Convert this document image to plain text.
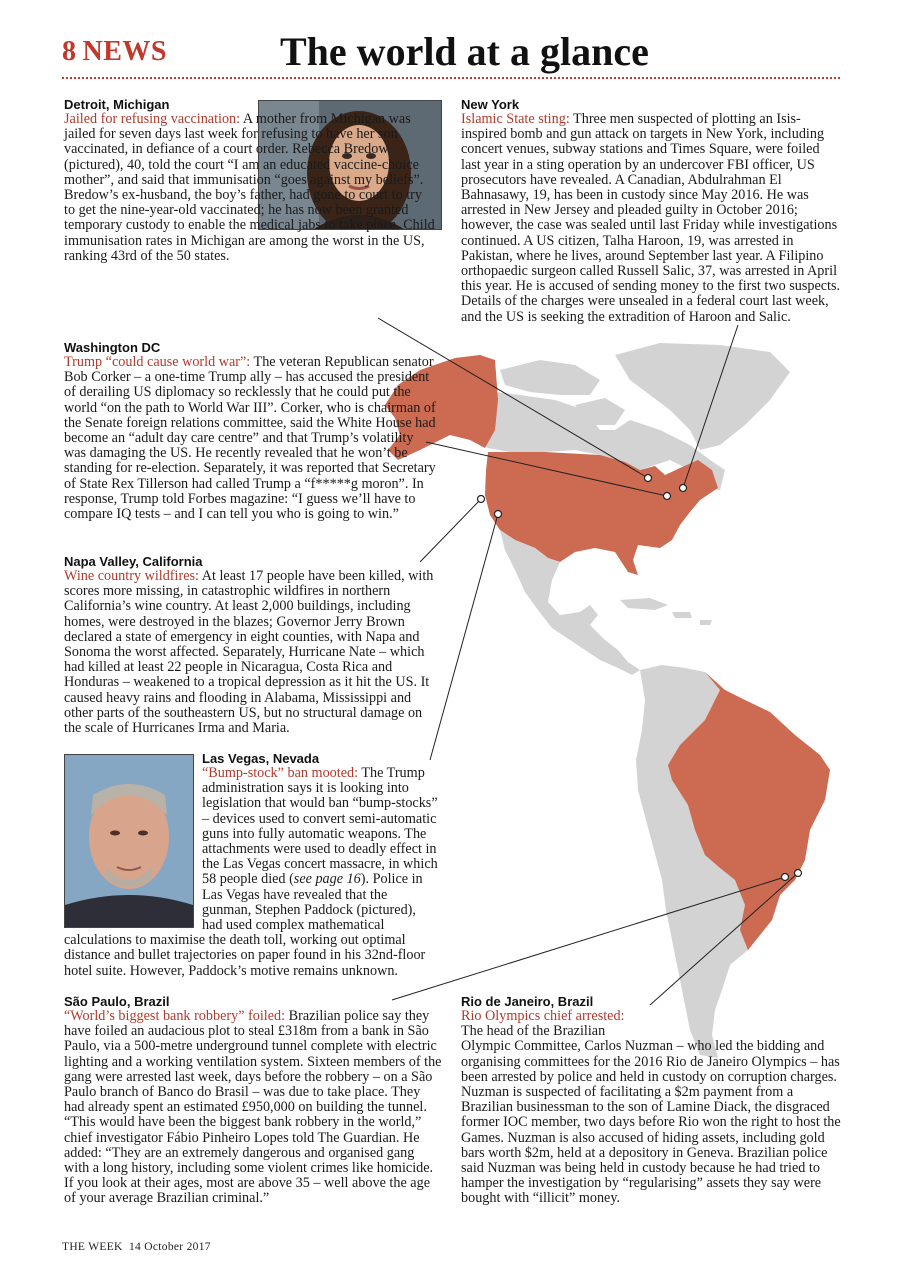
8 NEWS	The world at a glance

Detroit, Michigan
Jailed for refusing vaccination: A mother from Michigan was jailed for seven days last week for refusing to have her son vaccinated, in defiance of a court order. Rebecca Bredow (pictured), 40, told the court “I am an educated vaccine-choice mother”, and said that immunisation “goes against my beliefs”. Bredow’s ex-husband, the boy’s father, had gone to court to try to get the nine-year-old vaccinated; he has now been granted temporary custody to enable the medical jabs to take place. Child immunisation rates in Michigan are among the worst in the US, ranking 43rd of the 50 states.

New York
Islamic State sting: Three men suspected of plotting an Isis-inspired bomb and gun attack on targets in New York, including concert venues, subway stations and Times Square, were foiled last year in a sting operation by an undercover FBI officer, US prosecutors have revealed. A Canadian, Abdulrahman El Bahnasawy, 19, has been in custody since May 2016. He was arrested in New Jersey and pleaded guilty in October 2016; however, the case was sealed until last Friday while investigations continued. A US citizen, Talha Haroon, 19, was arrested in Pakistan, where he lives, around September last year. A Filipino orthopaedic surgeon called Russell Salic, 37, was arrested in April this year. He is accused of sending money to the first two suspects. Details of the charges were unsealed in a federal court last week, and the US is seeking the extradition of Haroon and Salic.

Washington DC
Trump “could cause world war”: The veteran Republican senator Bob Corker – a one-time Trump ally – has accused the president of derailing US diplomacy so recklessly that he could put the world “on the path to World War III”. Corker, who is chairman of the Senate foreign relations committee, said the White House had become an “adult day care centre” and that Trump’s volatility was damaging the US. He recently revealed that he won’t be standing for re-election. Separately, it was reported that Secretary of State Rex Tillerson had called Trump a “f*****g moron”. In response, Trump told Forbes magazine: “I guess we’ll have to compare IQ tests – and I can tell you who is going to win.”

Napa Valley, California
Wine country wildfires: At least 17 people have been killed, with scores more missing, in catastrophic wildfires in northern California’s wine country. At least 2,000 buildings, including homes, were destroyed in the blazes; Governor Jerry Brown declared a state of emergency in eight counties, with Napa and Sonoma the worst affected. Separately, Hurricane Nate – which had killed at least 22 people in Nicaragua, Costa Rica and Honduras – weakened to a tropical depression as it hit the US. It caused heavy rains and flooding in Alabama, Mississippi and other parts of the southeastern US, but no structural damage on the scale of Hurricanes Irma and Maria.

Las Vegas, Nevada
“Bump-stock” ban mooted: The Trump administration says it is looking into legislation that would ban “bump-stocks” – devices used to convert semi-automatic guns into fully automatic weapons. The attachments were used to deadly effect in the Las Vegas concert massacre, in which 58 people died (see page 16). Police in Las Vegas have revealed that the gunman, Stephen Paddock (pictured), had used complex mathematical calculations to maximise the death toll, working out optimal distance and bullet trajectories on paper found in his 32nd-floor hotel suite. However, Paddock’s motive remains unknown.

São Paulo, Brazil
“World’s biggest bank robbery” foiled: Brazilian police say they have foiled an audacious plot to steal £318m from a bank in São Paulo, via a 500-metre underground tunnel complete with electric lighting and a working ventilation system. Sixteen members of the gang were arrested last week, days before the robbery – on a São Paulo branch of Banco do Brasil – was due to take place. They had already spent an estimated £950,000 on building the tunnel. “This would have been the biggest bank robbery in the world,” chief investigator Fábio Pinheiro Lopes told The Guardian. He added: “They are an extremely dangerous and organised gang with a long history, including some violent crimes like homicide. If you look at their ages, most are above 35 – well above the age of your average Brazilian criminal.”

Rio de Janeiro, Brazil
Rio Olympics chief arrested: The head of the Brazilian Olympic Committee, Carlos Nuzman – who led the bidding and organising committees for the 2016 Rio de Janeiro Olympics – has been arrested by police and held in custody on corruption charges. Nuzman is suspected of facilitating a $2m payment from a Brazilian businessman to the son of Lamine Diack, the disgraced former IOC member, two days before Rio won the right to host the Games. Nuzman is also accused of hiding assets, including gold bars worth $2m, held at a depository in Geneva. Brazilian police said Nuzman was being held in custody because he had tried to hamper the investigation by “regularising” assets they say were bought with “illicit” money.

THE WEEK 14 October 2017
